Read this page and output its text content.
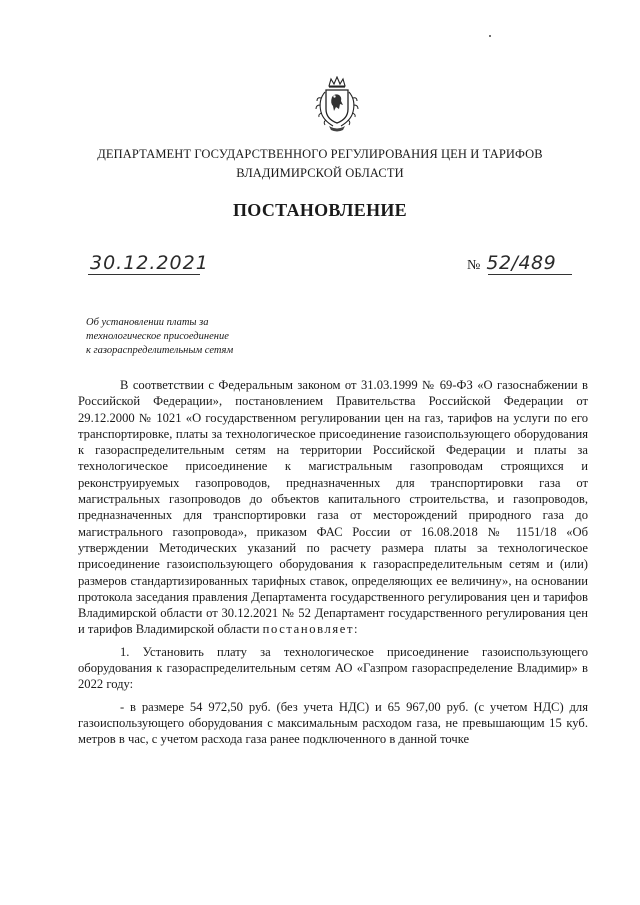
ДЕПАРТАМЕНТ ГОСУДАРСТВЕННОГО РЕГУЛИРОВАНИЯ ЦЕН И ТАРИФОВ
ВЛАДИМИРСКОЙ ОБЛАСТИ
ПОСТАНОВЛЕНИЕ
30.12.2021	№ 52/489
Об установлении платы за
технологическое присоединение
к газораспределительным сетям

В соответствии с Федеральным законом от 31.03.1999 № 69-ФЗ «О газоснабжении в Российской Федерации», постановлением Правительства Российской Федерации от 29.12.2000 № 1021 «О государственном регулировании цен на газ, тарифов на услуги по его транспортировке, платы за технологическое присоединение газоиспользующего оборудования к газораспределительным сетям на территории Российской Федерации и платы за технологическое присоединение к магистральным газопроводам строящихся и реконструируемых газопроводов, предназначенных для транспортировки газа от магистральных газопроводов до объектов капитального строительства, и газопроводов, предназначенных для транспортировки газа от месторождений природного газа до магистрального газопровода», приказом ФАС России от 16.08.2018 № 1151/18 «Об утверждении Методических указаний по расчету размера платы за технологическое присоединение газоиспользующего оборудования к газораспределительным сетям и (или) размеров стандартизированных тарифных ставок, определяющих ее величину», на основании протокола заседания правления Департамента государственного регулирования цен и тарифов Владимирской области от 30.12.2021 № 52 Департамент государственного регулирования цен и тарифов Владимирской области постановляет:

1. Установить плату за технологическое присоединение газоиспользующего оборудования к газораспределительным сетям АО «Газпром газораспределение Владимир» в 2022 году:

- в размере 54 972,50 руб. (без учета НДС) и 65 967,00 руб. (с учетом НДС) для газоиспользующего оборудования с максимальным расходом газа, не превышающим 15 куб. метров в час, с учетом расхода газа ранее подключенного в данной точке
